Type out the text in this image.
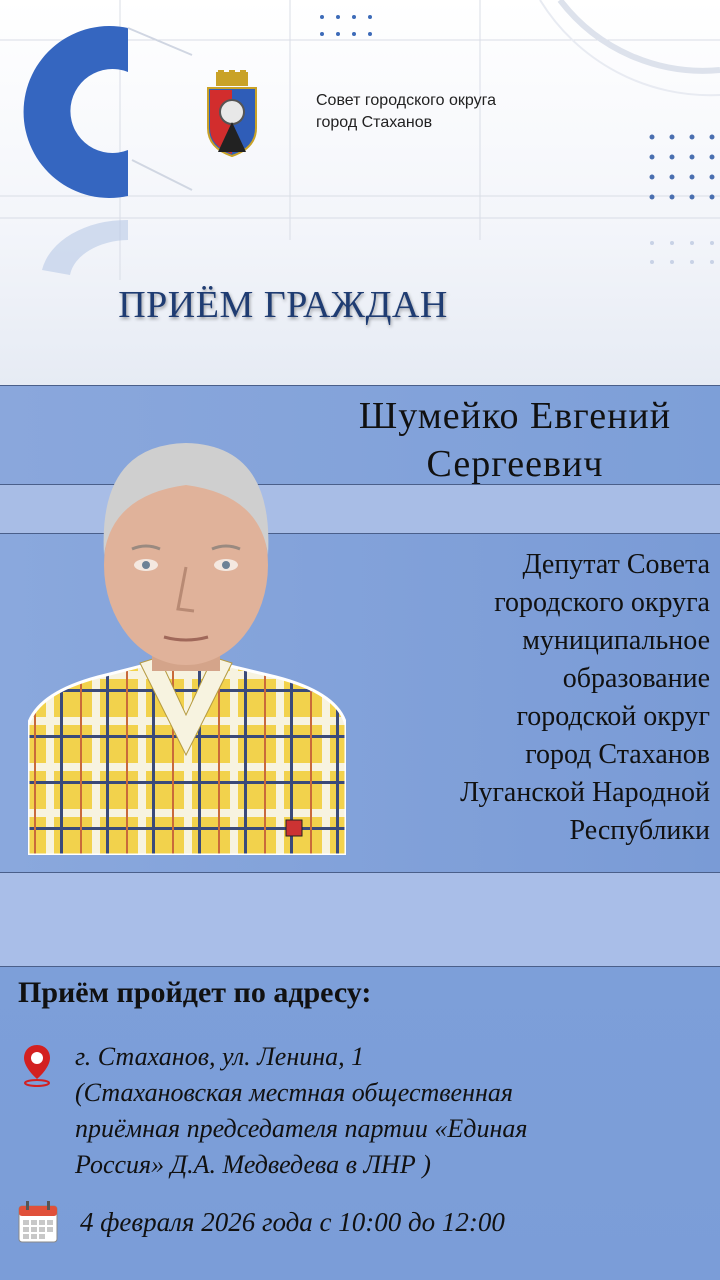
Совет городского округа
город Стаханов
ПРИЁМ ГРАЖДАН
Шумейко Евгений
Сергеевич
Депутат Совета
городского округа
муниципальное
образование
городской округ
город Стаханов
Луганской Народной
Республики
Приём пройдет по адресу:
г. Стаханов, ул. Ленина, 1
(Стахановская местная общественная
приёмная председателя партии «Единая
Россия» Д.А. Медведева в ЛНР )
4 февраля 2026 года с 10:00 до 12:00
